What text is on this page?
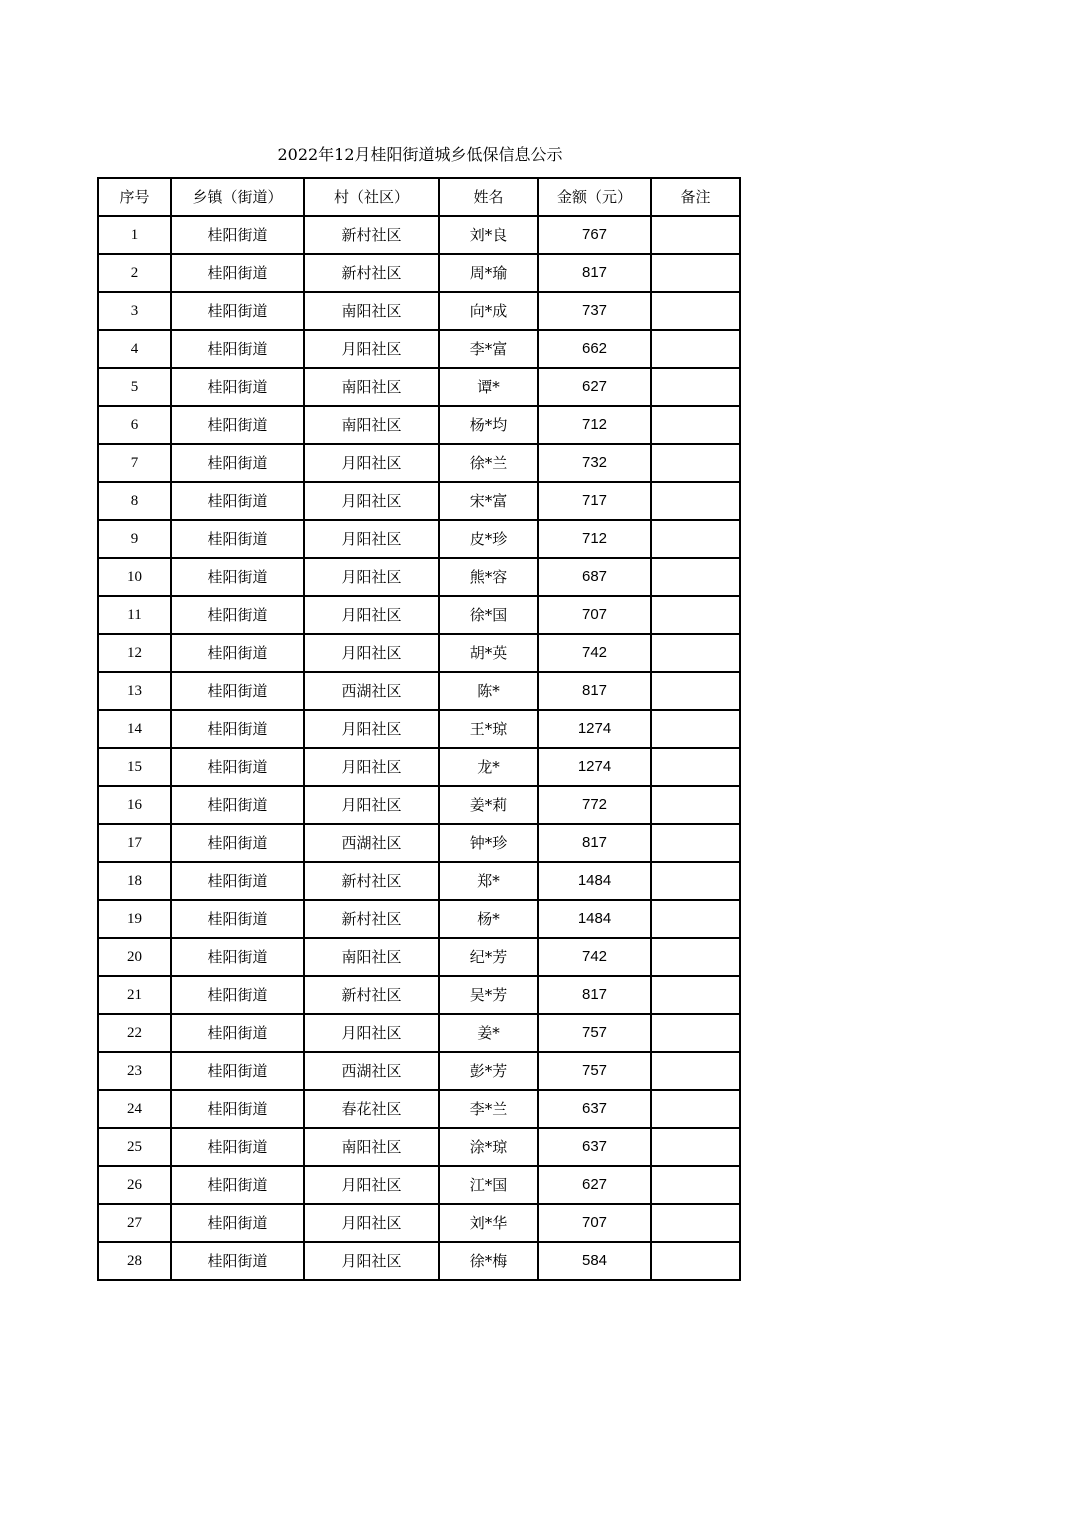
2022年12月桂阳街道城乡低保信息公示
序号	乡镇（街道）	村（社区）	姓名	金额（元）	备注
1	桂阳街道	新村社区	刘*良	767	
2	桂阳街道	新村社区	周*瑜	817	
3	桂阳街道	南阳社区	向*成	737	
4	桂阳街道	月阳社区	李*富	662	
5	桂阳街道	南阳社区	谭*	627	
6	桂阳街道	南阳社区	杨*均	712	
7	桂阳街道	月阳社区	徐*兰	732	
8	桂阳街道	月阳社区	宋*富	717	
9	桂阳街道	月阳社区	皮*珍	712	
10	桂阳街道	月阳社区	熊*容	687	
11	桂阳街道	月阳社区	徐*国	707	
12	桂阳街道	月阳社区	胡*英	742	
13	桂阳街道	西湖社区	陈*	817	
14	桂阳街道	月阳社区	王*琼	1274	
15	桂阳街道	月阳社区	龙*	1274	
16	桂阳街道	月阳社区	姜*莉	772	
17	桂阳街道	西湖社区	钟*珍	817	
18	桂阳街道	新村社区	郑*	1484	
19	桂阳街道	新村社区	杨*	1484	
20	桂阳街道	南阳社区	纪*芳	742	
21	桂阳街道	新村社区	吴*芳	817	
22	桂阳街道	月阳社区	姜*	757	
23	桂阳街道	西湖社区	彭*芳	757	
24	桂阳街道	春花社区	李*兰	637	
25	桂阳街道	南阳社区	涂*琼	637	
26	桂阳街道	月阳社区	江*国	627	
27	桂阳街道	月阳社区	刘*华	707	
28	桂阳街道	月阳社区	徐*梅	584	
